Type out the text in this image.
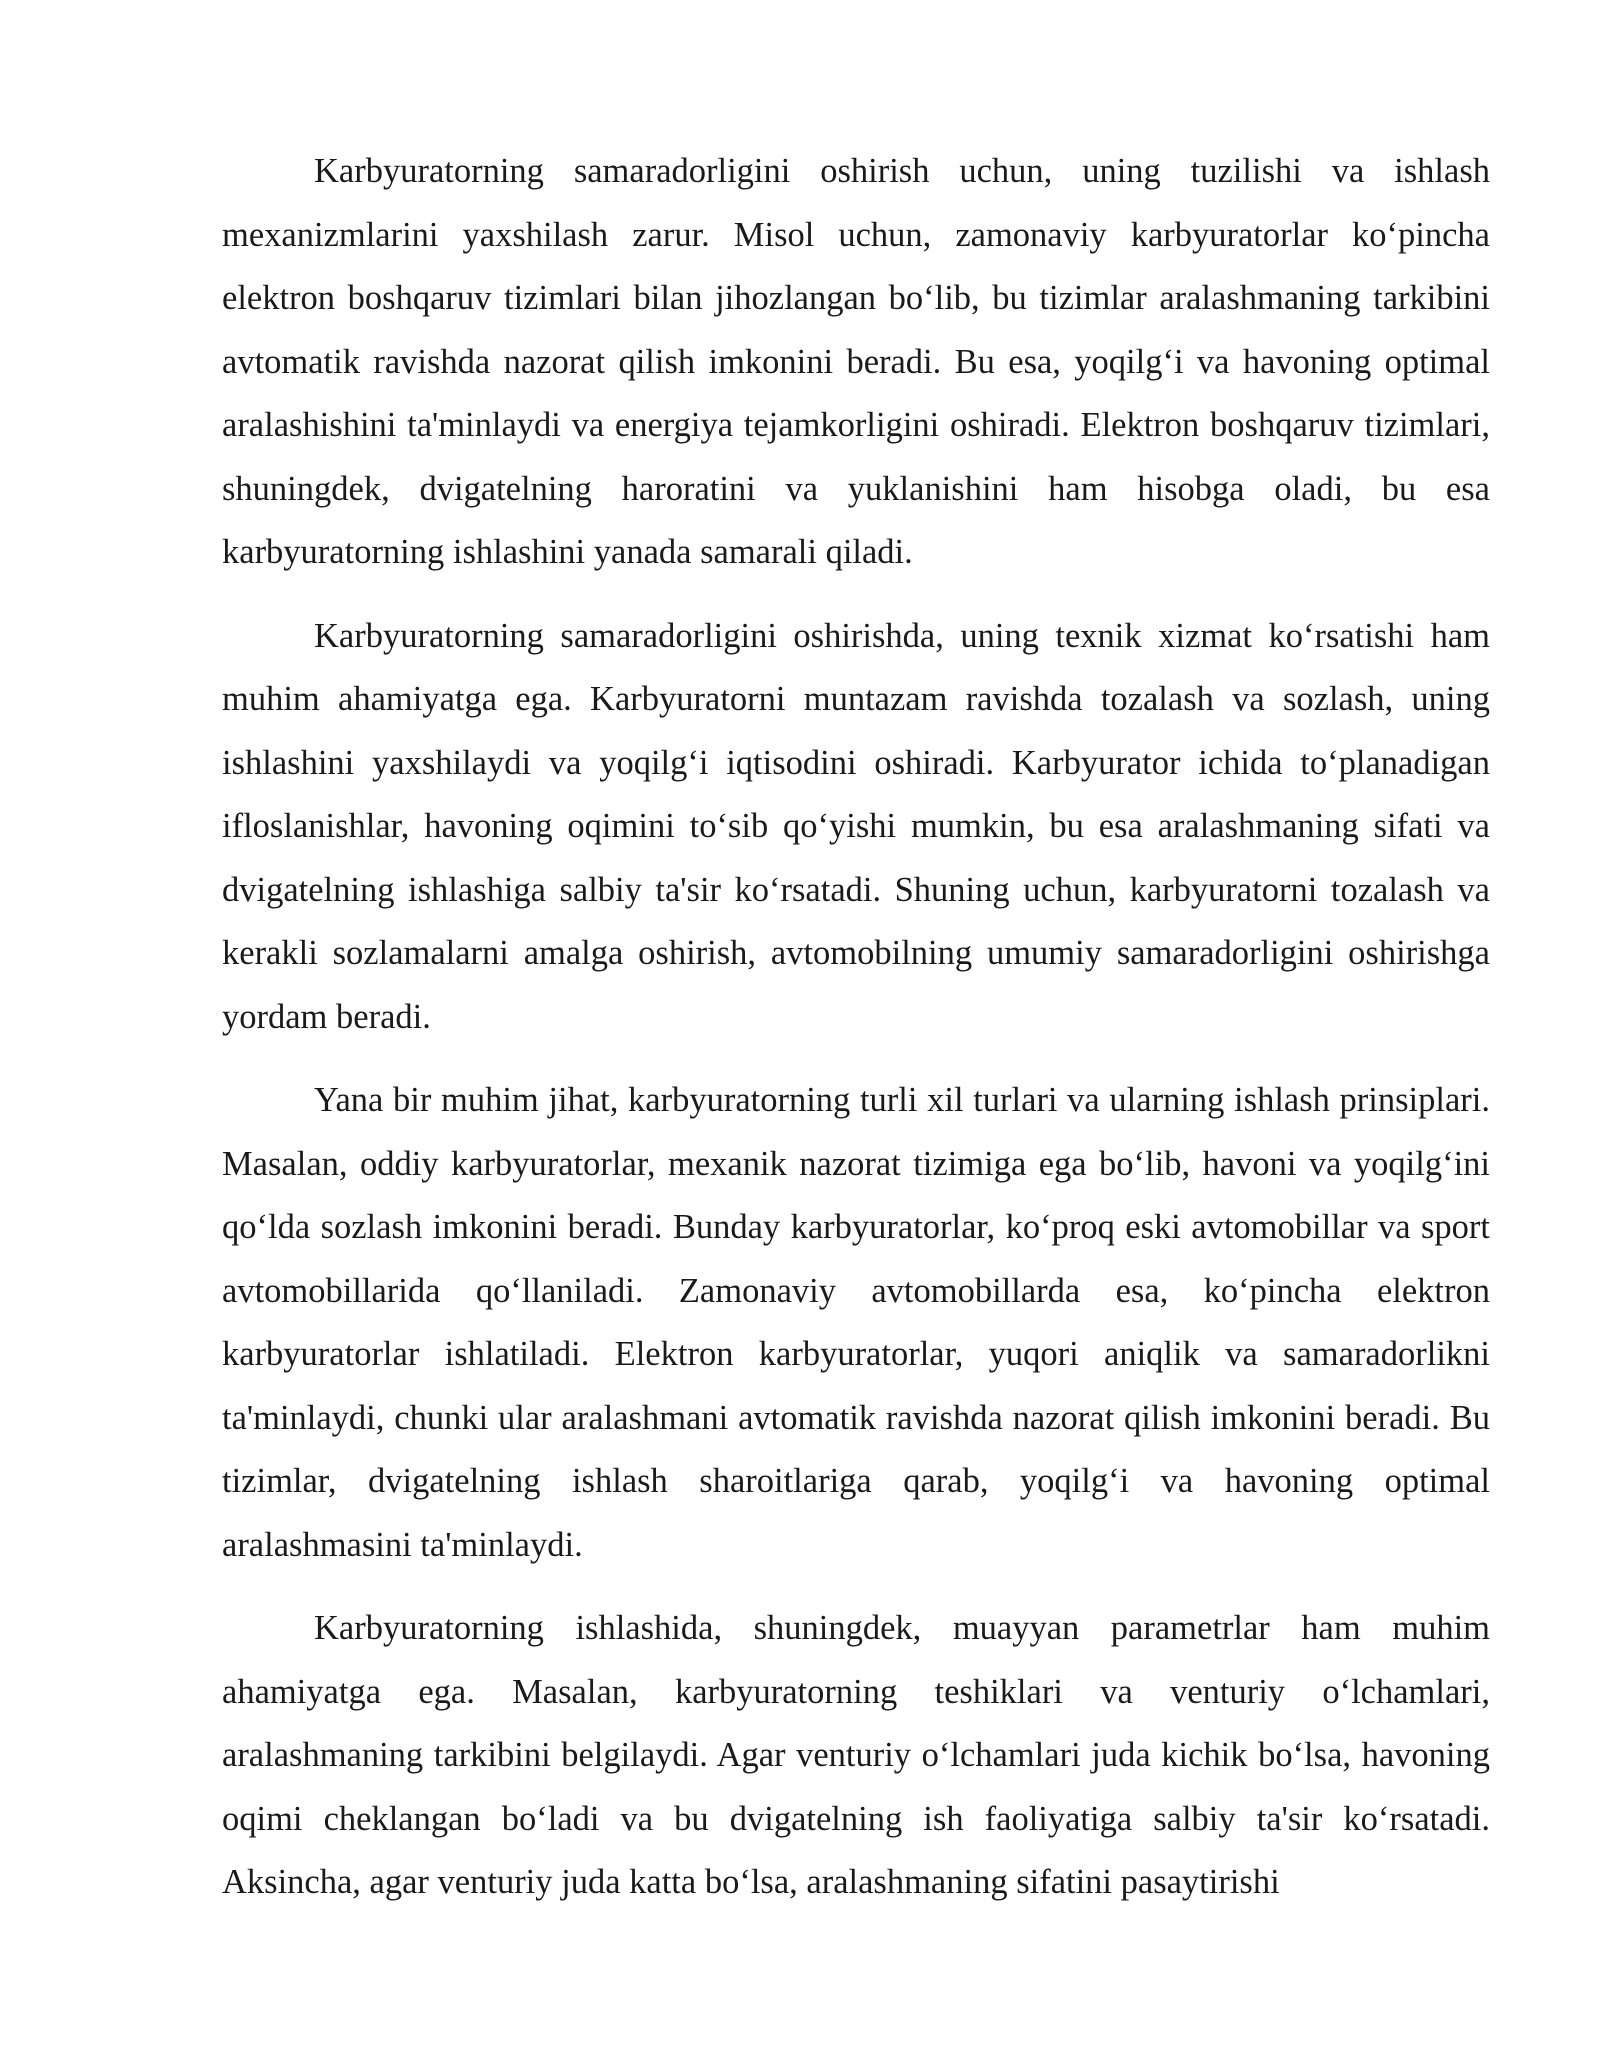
Karbyuratorning samaradorligini oshirish uchun, uning tuzilishi va ishlash mexanizmlarini yaxshilash zarur. Misol uchun, zamonaviy karbyuratorlar koʻpincha elektron boshqaruv tizimlari bilan jihozlangan boʻlib, bu tizimlar aralashmaning tarkibini avtomatik ravishda nazorat qilish imkonini beradi. Bu esa, yoqilgʻi va havoning optimal aralashishini ta'minlaydi va energiya tejamkorligini oshiradi. Elektron boshqaruv tizimlari, shuningdek, dvigatelning haroratini va yuklanishini ham hisobga oladi, bu esa karbyuratorning ishlashini yanada samarali qiladi.

Karbyuratorning samaradorligini oshirishda, uning texnik xizmat koʻrsatishi ham muhim ahamiyatga ega. Karbyuratorni muntazam ravishda tozalash va sozlash, uning ishlashini yaxshilaydi va yoqilgʻi iqtisodini oshiradi. Karbyurator ichida toʻplanadigan ifloslanishlar, havoning oqimini toʻsib qoʻyishi mumkin, bu esa aralashmaning sifati va dvigatelning ishlashiga salbiy ta'sir koʻrsatadi. Shuning uchun, karbyuratorni tozalash va kerakli sozlamalarni amalga oshirish, avtomobilning umumiy samaradorligini oshirishga yordam beradi.

Yana bir muhim jihat, karbyuratorning turli xil turlari va ularning ishlash prinsiplari. Masalan, oddiy karbyuratorlar, mexanik nazorat tizimiga ega boʻlib, havoni va yoqilgʻini qoʻlda sozlash imkonini beradi. Bunday karbyuratorlar, koʻproq eski avtomobillar va sport avtomobillarida qoʻllaniladi. Zamonaviy avtomobillarda esa, koʻpincha elektron karbyuratorlar ishlatiladi. Elektron karbyuratorlar, yuqori aniqlik va samaradorlikni ta'minlaydi, chunki ular aralashmani avtomatik ravishda nazorat qilish imkonini beradi. Bu tizimlar, dvigatelning ishlash sharoitlariga qarab, yoqilgʻi va havoning optimal aralashmasini ta'minlaydi.

Karbyuratorning ishlashida, shuningdek, muayyan parametrlar ham muhim ahamiyatga ega. Masalan, karbyuratorning teshiklari va venturiy oʻlchamlari, aralashmaning tarkibini belgilaydi. Agar venturiy oʻlchamlari juda kichik boʻlsa, havoning oqimi cheklangan boʻladi va bu dvigatelning ish faoliyatiga salbiy ta'sir koʻrsatadi. Aksincha, agar venturiy juda katta boʻlsa, aralashmaning sifatini pasaytirishi
